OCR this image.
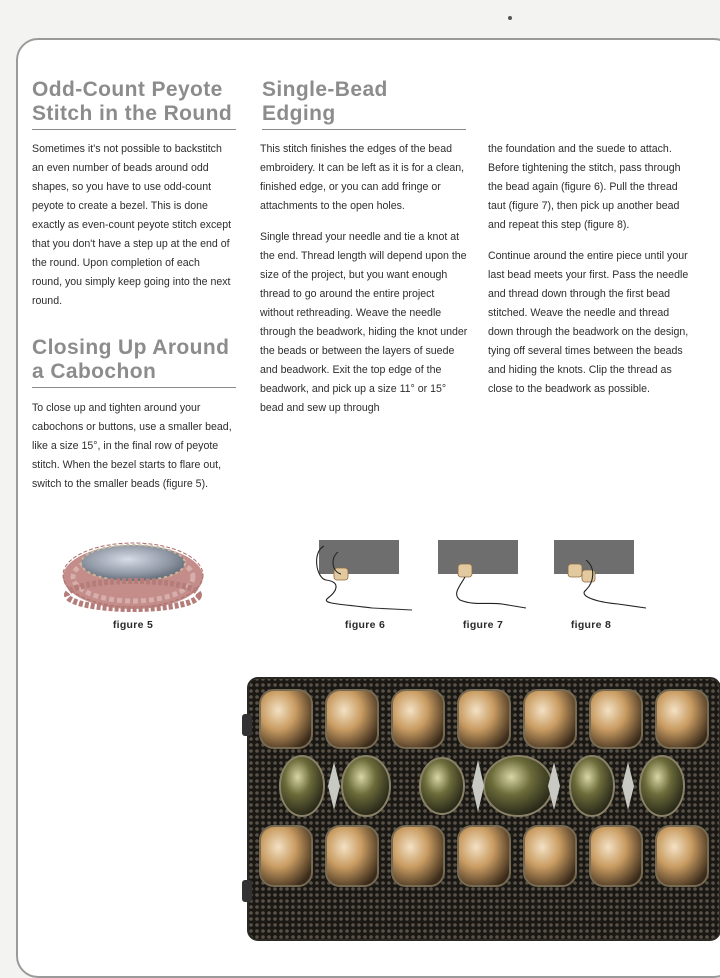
Odd-Count Peyote
Stitch in the Round

Sometimes it's not possible to backstitch an even number of beads around odd shapes, so you have to use odd-count peyote to create a bezel. This is done exactly as even-count peyote stitch except that you don't have a step up at the end of the round. Upon completion of each round, you simply keep going into the next round.

Closing Up Around
a Cabochon

To close up and tighten around your cabochons or buttons, use a smaller bead, like a size 15°, in the final row of peyote stitch. When the bezel starts to flare out, switch to the smaller beads (figure 5).

Single-Bead
Edging

This stitch finishes the edges of the bead embroidery. It can be left as it is for a clean, finished edge, or you can add fringe or attachments to the open holes.

Single thread your needle and tie a knot at the end. Thread length will depend upon the size of the project, but you want enough thread to go around the entire project without rethreading. Weave the needle through the beadwork, hiding the knot under the beads or between the layers of suede and beadwork. Exit the top edge of the beadwork, and pick up a size 11° or 15° bead and sew up through

the foundation and the suede to attach. Before tightening the stitch, pass through the bead again (figure 6). Pull the thread taut (figure 7), then pick up another bead and repeat this step (figure 8).

Continue around the entire piece until your last bead meets your first. Pass the needle and thread down through the first bead stitched. Weave the needle and thread down through the beadwork on the design, tying off several times between the beads and hiding the knots. Clip the thread as close to the beadwork as possible.

figure 5	figure 6	figure 7	figure 8
